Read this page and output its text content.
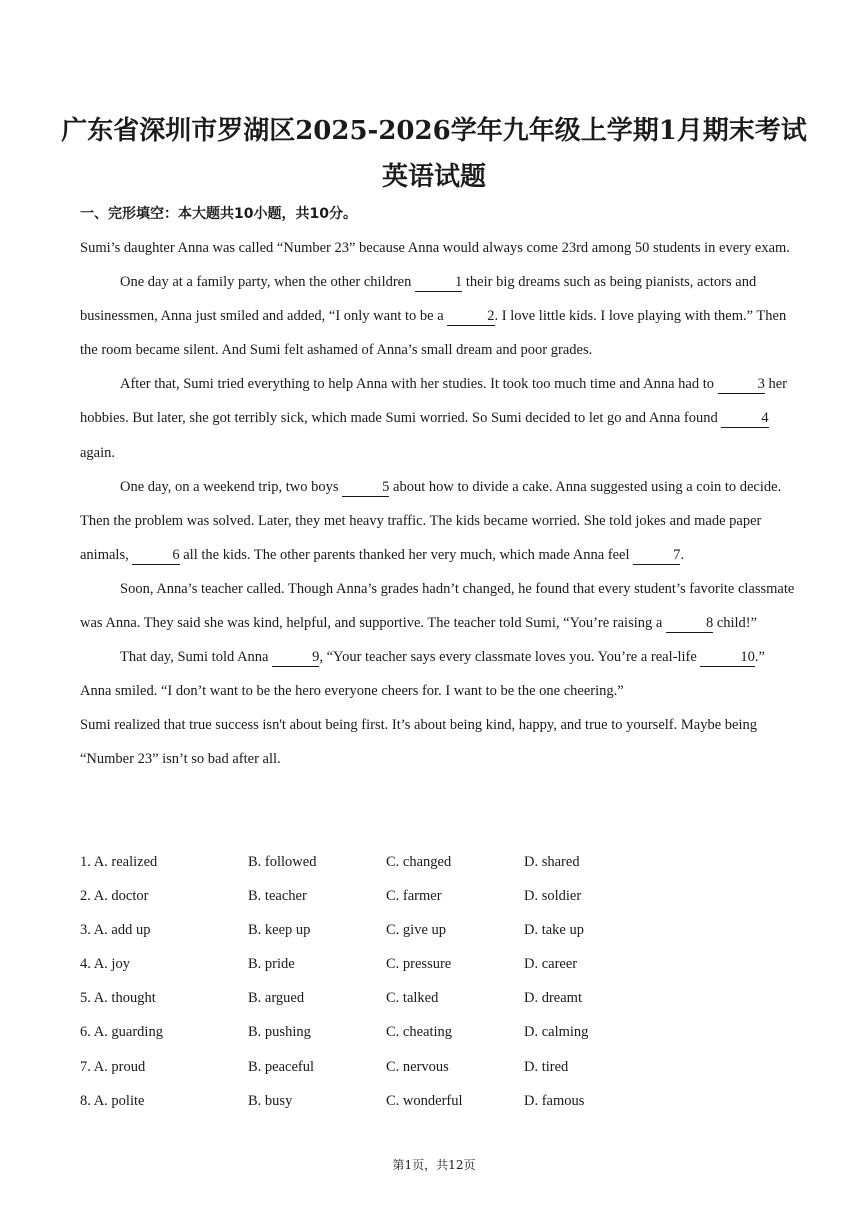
广东省深圳市罗湖区2025-2026学年九年级上学期1月期末考试英语试题
一、完形填空：本大题共10小题，共10分。

Sumi’s daughter Anna was called “Number 23” because Anna would always come 23rd among 50 students in every exam.

One day at a family party, when the other children	1 their big dreams such as being pianists, actors and businessmen, Anna just smiled and added, “I only want to be a	2. I love little kids. I love playing with them.” Then the room became silent. And Sumi felt ashamed of Anna’s small dream and poor grades.

After that, Sumi tried everything to help Anna with her studies. It took too much time and Anna had to	3 her hobbies. But later, she got terribly sick, which made Sumi worried. So Sumi decided to let go and Anna found	4 again.

One day, on a weekend trip, two boys	5 about how to divide a cake. Anna suggested using a coin to decide. Then the problem was solved. Later, they met heavy traffic. The kids became worried. She told jokes and made paper animals,	6 all the kids. The other parents thanked her very much, which made Anna feel	7.

Soon, Anna’s teacher called. Though Anna’s grades hadn’t changed, he found that every student’s favorite classmate was Anna. They said she was kind, helpful, and supportive. The teacher told Sumi, “You’re raising a	8 child!”

That day, Sumi told Anna	9, “Your teacher says every classmate loves you. You’re a real-life	10.” Anna smiled. “I don’t want to be the hero everyone cheers for. I want to be the one cheering.”

Sumi realized that true success isn't about being first. It’s about being kind, happy, and true to yourself. Maybe being “Number 23” isn’t so bad after all.

1. A. realized	B. followed	C. changed	D. shared
2. A. doctor	B. teacher	C. farmer	D. soldier
3. A. add up	B. keep up	C. give up	D. take up
4. A. joy	B. pride	C. pressure	D. career
5. A. thought	B. argued	C. talked	D. dreamt
6. A. guarding	B. pushing	C. cheating	D. calming
7. A. proud	B. peaceful	C. nervous	D. tired
8. A. polite	B. busy	C. wonderful	D. famous
第1页，共12页
